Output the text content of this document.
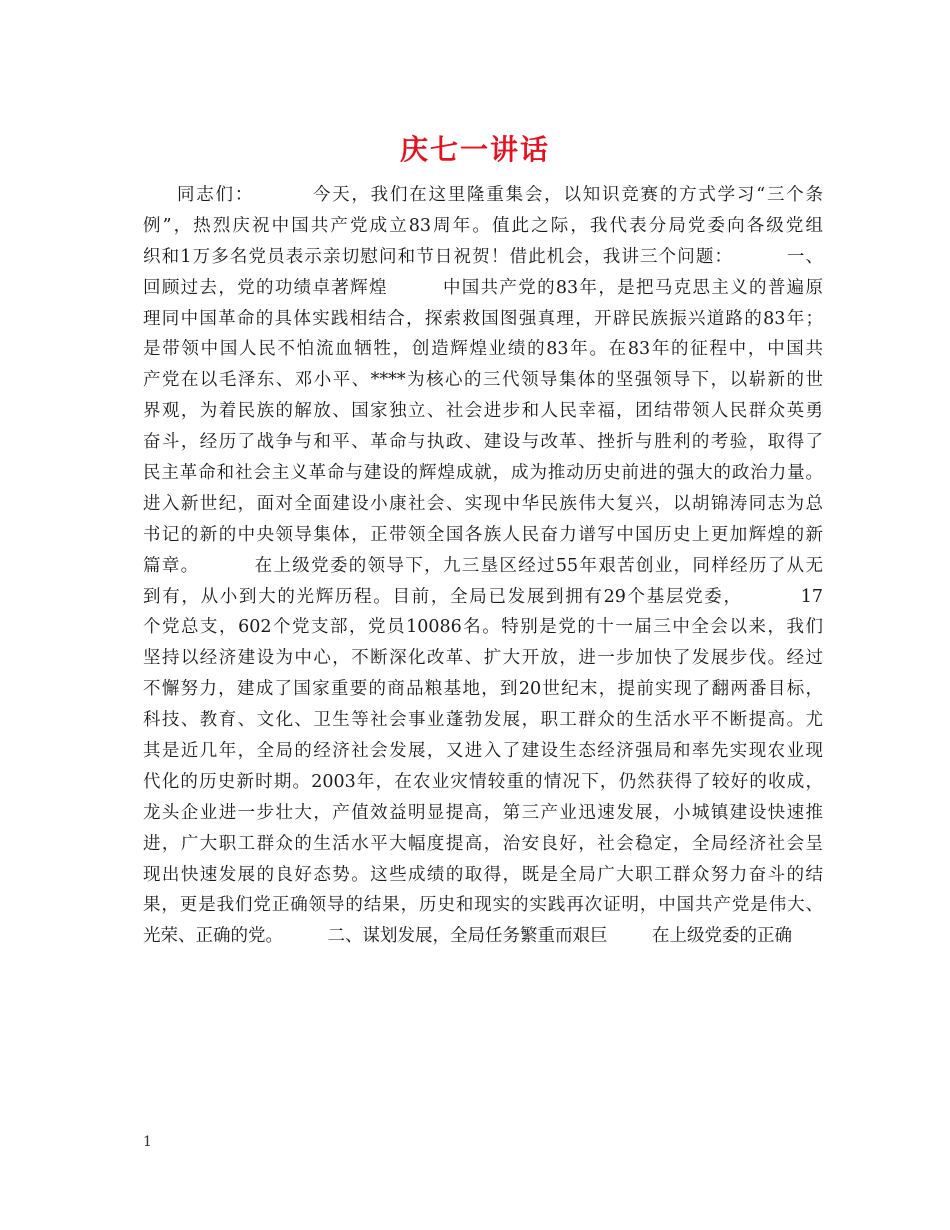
庆七一讲话
同志们：        今天，我们在这里隆重集会，以知识竞赛的方式学习“三个条
例”，热烈庆祝中国共产党成立83周年。值此之际，我代表分局党委向各级党组
织和1万多名党员表示亲切慰问和节日祝贺！借此机会，我讲三个问题：        一、
回顾过去，党的功绩卓著辉煌        中国共产党的83年，是把马克思主义的普遍原
理同中国革命的具体实践相结合，探索救国图强真理，开辟民族振兴道路的83年；
是带领中国人民不怕流血牺牲，创造辉煌业绩的83年。在83年的征程中，中国共
产党在以毛泽东、邓小平、****为核心的三代领导集体的坚强领导下，以崭新的世
界观，为着民族的解放、国家独立、社会进步和人民幸福，团结带领人民群众英勇
奋斗，经历了战争与和平、革命与执政、建设与改革、挫折与胜利的考验，取得了
民主革命和社会主义革命与建设的辉煌成就，成为推动历史前进的强大的政治力量。
进入新世纪，面对全面建设小康社会、实现中华民族伟大复兴，以胡锦涛同志为总
书记的新的中央领导集体，正带领全国各族人民奋力谱写中国历史上更加辉煌的新
篇章。        在上级党委的领导下，九三垦区经过55年艰苦创业，同样经历了从无
到有，从小到大的光辉历程。目前，全局已发展到拥有29个基层党委，        17
个党总支，602个党支部，党员10086名。特别是党的十一届三中全会以来，我们
坚持以经济建设为中心，不断深化改革、扩大开放，进一步加快了发展步伐。经过
不懈努力，建成了国家重要的商品粮基地，到20世纪末，提前实现了翻两番目标，
科技、教育、文化、卫生等社会事业蓬勃发展，职工群众的生活水平不断提高。尤
其是近几年，全局的经济社会发展，又进入了建设生态经济强局和率先实现农业现
代化的历史新时期。2003年，在农业灾情较重的情况下，仍然获得了较好的收成，
龙头企业进一步壮大，产值效益明显提高，第三产业迅速发展，小城镇建设快速推
进，广大职工群众的生活水平大幅度提高，治安良好，社会稳定，全局经济社会呈
现出快速发展的良好态势。这些成绩的取得，既是全局广大职工群众努力奋斗的结
果，更是我们党正确领导的结果，历史和现实的实践再次证明，中国共产党是伟大、
光荣、正确的党。        二、谋划发展，全局任务繁重而艰巨        在上级党委的正确
1
